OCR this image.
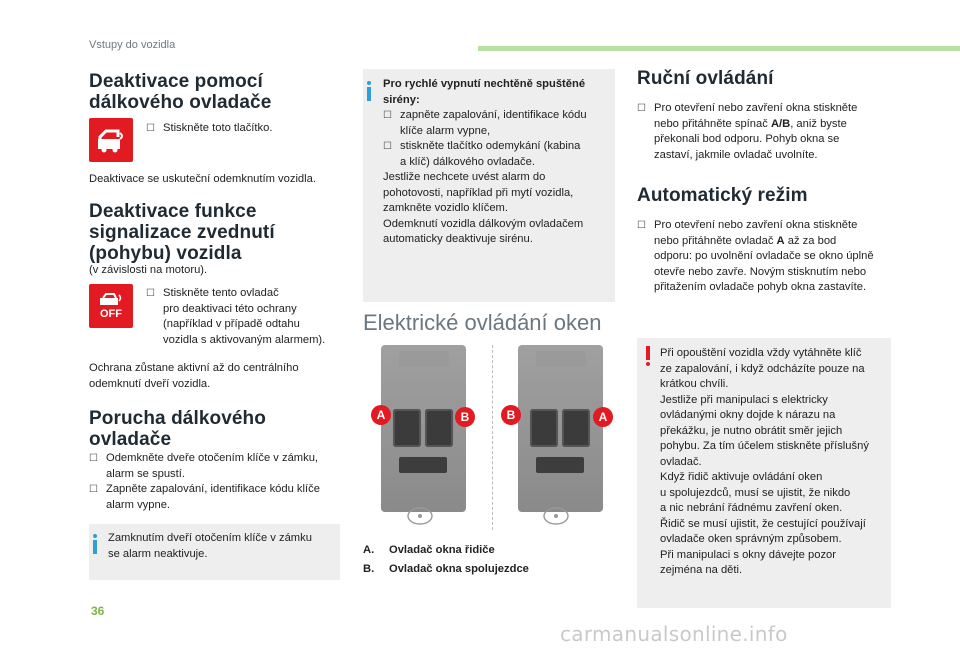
Vstupy do vozidla
Deaktivace pomocí
dálkového ovladače
☐ Stiskněte toto tlačítko.
Deaktivace se uskuteční odemknutím vozidla.
Deaktivace funkce
signalizace zvednutí
(pohybu) vozidla
(v závislosti na motoru).
OFF
☐ Stiskněte tento ovladač
pro deaktivaci této ochrany
(například v případě odtahu
vozidla s aktivovaným alarmem).
Ochrana zůstane aktivní až do centrálního
odemknutí dveří vozidla.
Porucha dálkového
ovladače
☐ Odemkněte dveře otočením klíče v zámku,
alarm se spustí.
☐ Zapněte zapalování, identifikace kódu klíče
alarm vypne.
Zamknutím dveří otočením klíče v zámku
se alarm neaktivuje.
Pro rychlé vypnutí nechtěně spuštěné
sirény:
☐ zapněte zapalování, identifikace kódu
klíče alarm vypne,
☐ stiskněte tlačítko odemykání (kabina
a klíč) dálkového ovladače.
Jestliže nechcete uvést alarm do
pohotovosti, například při mytí vozidla,
zamkněte vozidlo klíčem.
Odemknutí vozidla dálkovým ovladačem
automaticky deaktivuje sirénu.
Elektrické ovládání oken
A	B	B	A
A. Ovladač okna řidiče
B. Ovladač okna spolujezdce
Ruční ovládání
☐ Pro otevření nebo zavření okna stiskněte
nebo přitáhněte spínač A/B, aniž byste
překonali bod odporu. Pohyb okna se
zastaví, jakmile ovladač uvolníte.
Automatický režim
☐ Pro otevření nebo zavření okna stiskněte
nebo přitáhněte ovladač A až za bod
odporu: po uvolnění ovladače se okno úplně
otevře nebo zavře. Novým stisknutím nebo
přitažením ovladače pohyb okna zastavíte.
Při opouštění vozidla vždy vytáhněte klíč
ze zapalování, i když odcházíte pouze na
krátkou chvíli.
Jestliže při manipulaci s elektricky
ovládanými okny dojde k nárazu na
překážku, je nutno obrátit směr jejich
pohybu. Za tím účelem stiskněte příslušný
ovladač.
Když řidič aktivuje ovládání oken
u spolujezdců, musí se ujistit, že nikdo
a nic nebrání řádnému zavření oken.
Řidič se musí ujistit, že cestující používají
ovladače oken správným způsobem.
Při manipulaci s okny dávejte pozor
zejména na děti.
36
carmanualsonline.info
